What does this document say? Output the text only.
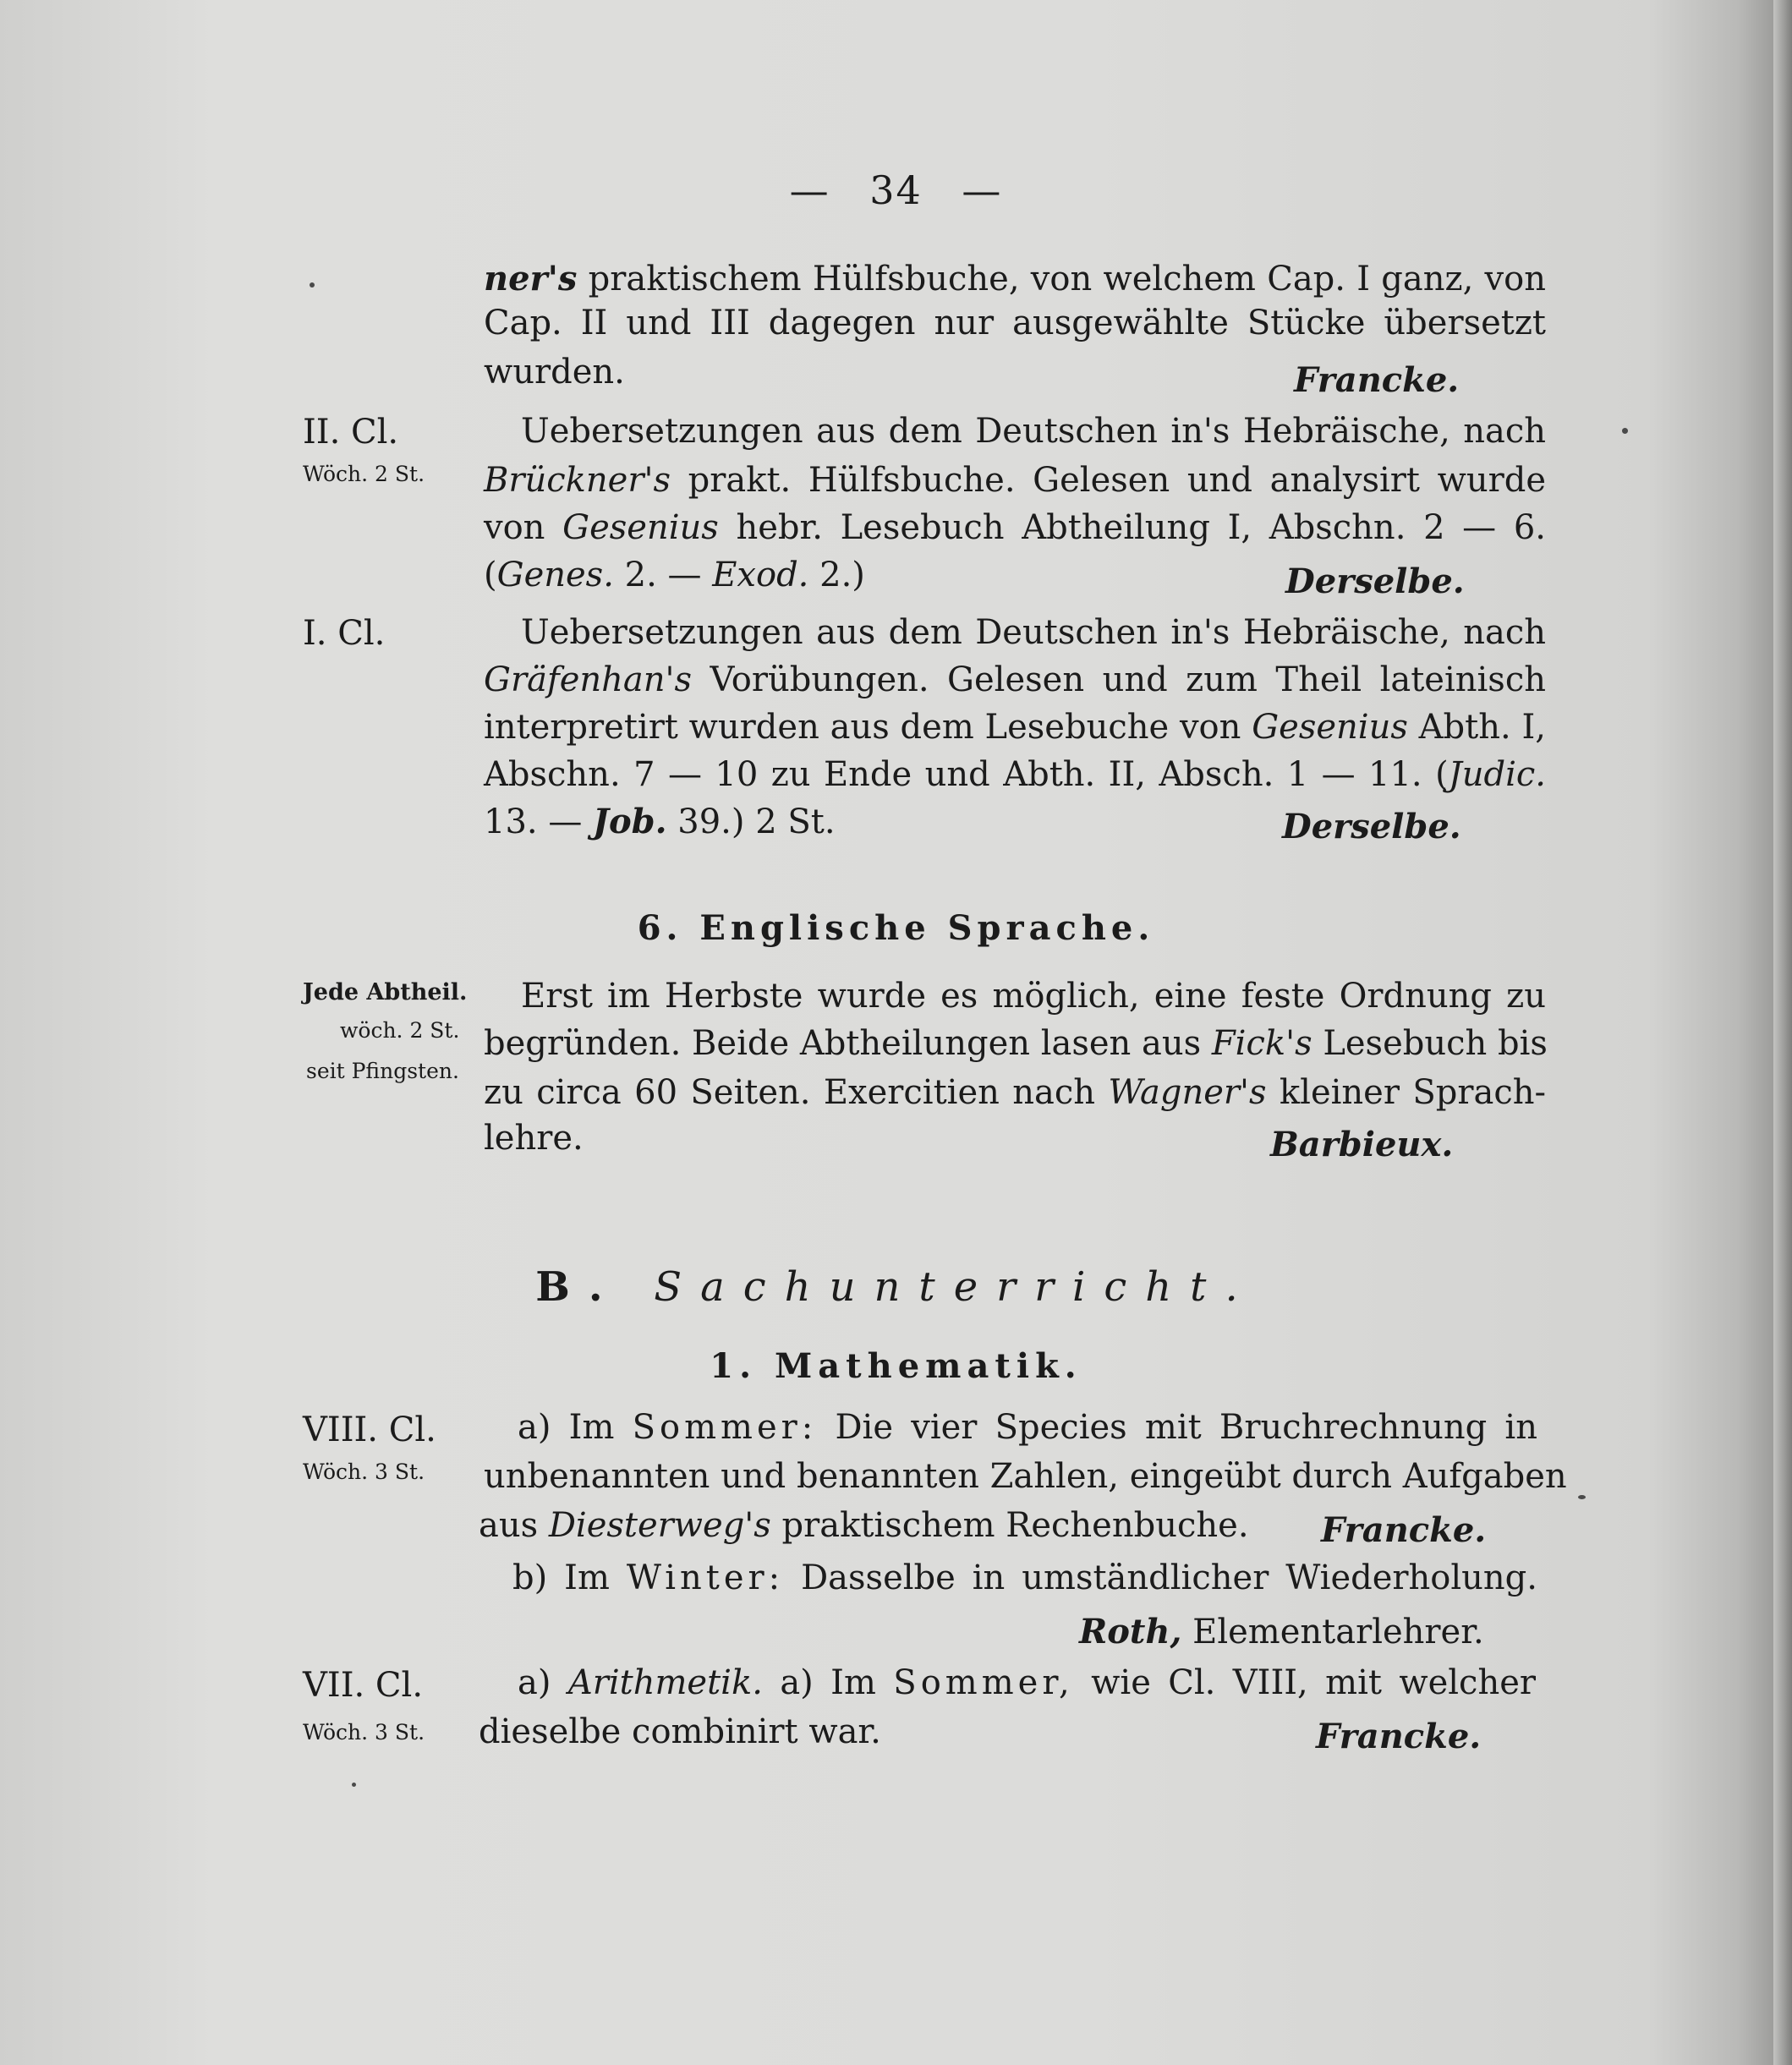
— 34 —
ner's praktischem Hülfsbuche, von welchem Cap. I ganz, von
Cap. II und III dagegen nur ausgewählte Stücke übersetzt
wurden.	Francke.
II. Cl.
Wöch. 2 St.
Uebersetzungen aus dem Deutschen in's Hebräische, nach
Brückner's prakt. Hülfsbuche. Gelesen und analysirt wurde
von Gesenius hebr. Lesebuch Abtheilung I, Abschn. 2 — 6.
(Genes. 2. — Exod. 2.)	Derselbe.
I. Cl.	Uebersetzungen aus dem Deutschen in's Hebräische, nach
Gräfenhan's Vorübungen. Gelesen und zum Theil lateinisch
interpretirt wurden aus dem Lesebuche von Gesenius Abth. I,
Abschn. 7 — 10 zu Ende und Abth. II, Absch. 1 — 11. (Judic.
13. — Job. 39.) 2 St.	Derselbe.
6. Englische Sprache.
Jede Abtheil.
wöch. 2 St.
seit Pfingsten.
Erst im Herbste wurde es möglich, eine feste Ordnung zu
begründen. Beide Abtheilungen lasen aus Fick's Lesebuch bis
zu circa 60 Seiten. Exercitien nach Wagner's kleiner Sprach-
lehre.	Barbieux.
B. Sachunterricht.
1. Mathematik.
VIII. Cl.
Wöch. 3 St.
a) Im Sommer: Die vier Species mit Bruchrechnung in
unbenannten und benannten Zahlen, eingeübt durch Aufgaben
aus Diesterweg's praktischem Rechenbuche.	Francke.
b) Im Winter: Dasselbe in umständlicher Wiederholung.
Roth, Elementarlehrer.
VII. Cl.
Wöch. 3 St.
a) Arithmetik. a) Im Sommer, wie Cl. VIII, mit welcher
dieselbe combinirt war.	Francke.
